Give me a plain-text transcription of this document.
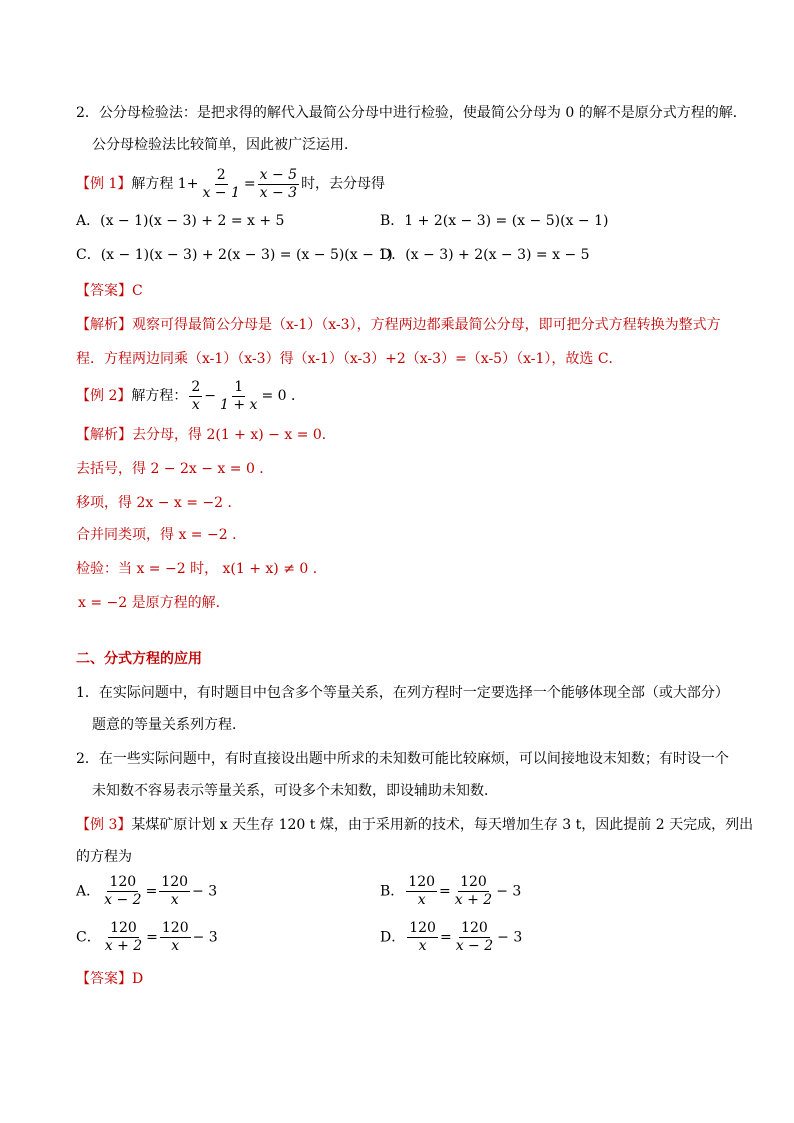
2．公分母检验法：是把求得的解代入最简公分母中进行检验，使最简公分母为 0 的解不是原分式方程的解．
公分母检验法比较简单，因此被广泛运用．
【例 1】解方程 $1+ \frac{2}{x - 1} = \frac{x - 5}{x - 3}$ 时，去分母得
A．(x − 1)(x − 3) + 2 = x + 5	B．1 + 2(x − 3) = (x − 5)(x − 1)
C．(x − 1)(x − 3) + 2(x − 3) = (x − 5)(x − 1)
D．(x − 3) + 2(x − 3) = x − 5
【答案】C
【解析】观察可得最简公分母是（x-1）（x-3），方程两边都乘最简公分母，即可把分式方程转换为整式方
程．方程两边同乘（x-1）（x-3）得（x-1）（x-3）+2（x-3）=（x-5）（x-1），故选 C．
【例 2】解方程： $\frac{2}{x} - \frac{1}{1 + x} = 0$ ．
【解析】去分母，得 2(1 + x) − x = 0．
去括号，得 2 − 2x − x = 0 ．
移项，得 2x − x = −2 ．
合并同类项，得 x = −2 ．
检验：当 x = −2 时， x(1 + x) ≠ 0 ．
x = −2 是原方程的解．
二、分式方程的应用
1．在实际问题中，有时题目中包含多个等量关系，在列方程时一定要选择一个能够体现全部（或大部分）
题意的等量关系列方程．
2．在一些实际问题中，有时直接设出题中所求的未知数可能比较麻烦，可以间接地设末知数；有时设一个
未知数不容易表示等量关系，可设多个未知数，即设辅助未知数．
【例 3】某煤矿原计划 x 天生存 120 t 煤，由于采用新的技术，每天增加生存 3 t，因此提前 2 天完成，列出
的方程为
A． $\frac{120}{x - 2} = \frac{120}{x} - 3$	B． $\frac{120}{x} = \frac{120}{x + 2} - 3$
C． $\frac{120}{x + 2} = \frac{120}{x} - 3$	D． $\frac{120}{x} = \frac{120}{x - 2} - 3$
【答案】D
